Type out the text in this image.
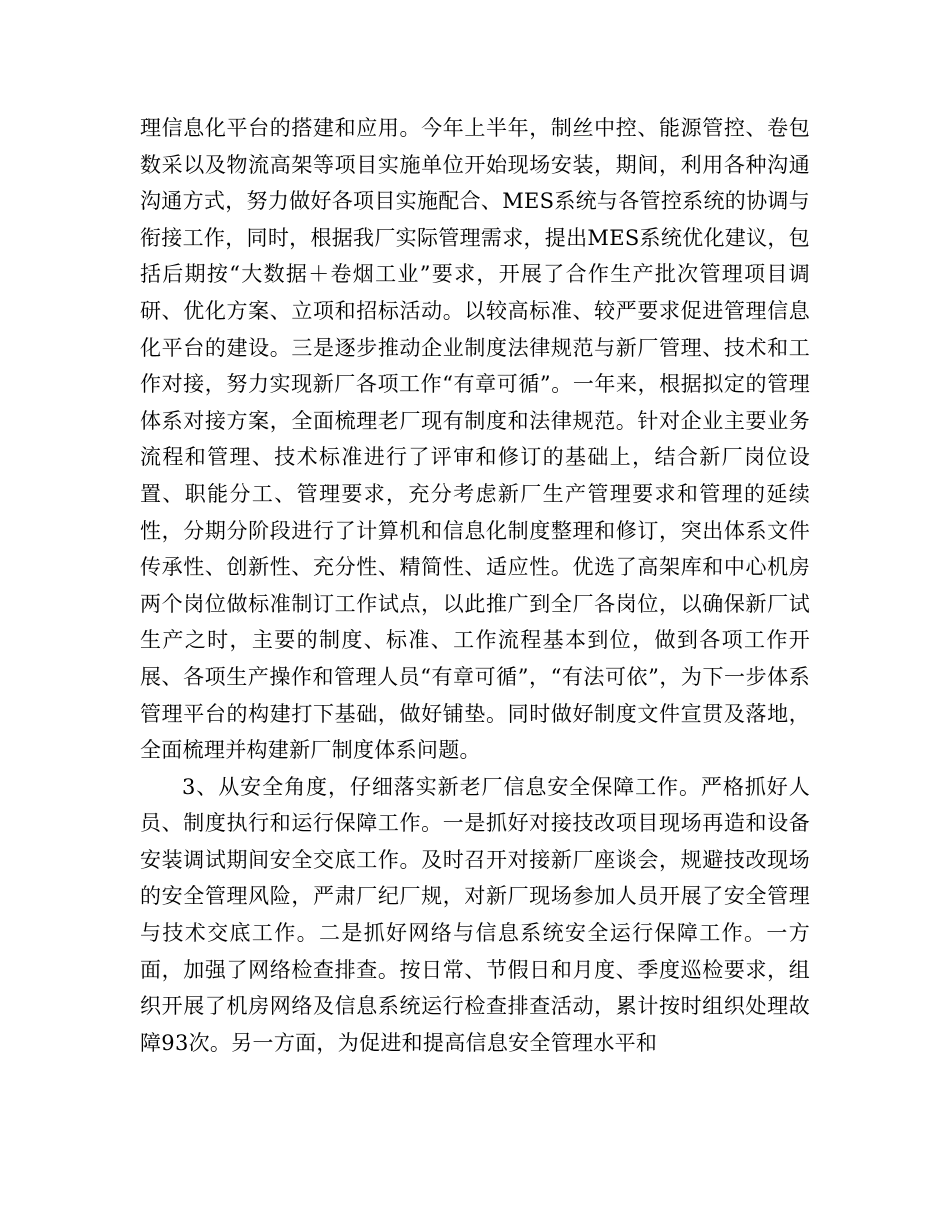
理信息化平台的搭建和应用。今年上半年，制丝中控、能源管控、卷包数采以及物流高架等项目实施单位开始现场安装，期间，利用各种沟通沟通方式，努力做好各项目实施配合、MES系统与各管控系统的协调与衔接工作，同时，根据我厂实际管理需求，提出MES系统优化建议，包括后期按“大数据＋卷烟工业”要求，开展了合作生产批次管理项目调研、优化方案、立项和招标活动。以较高标准、较严要求促进管理信息化平台的建设。三是逐步推动企业制度法律规范与新厂管理、技术和工作对接，努力实现新厂各项工作“有章可循”。一年来，根据拟定的管理体系对接方案，全面梳理老厂现有制度和法律规范。针对企业主要业务流程和管理、技术标准进行了评审和修订的基础上，结合新厂岗位设置、职能分工、管理要求，充分考虑新厂生产管理要求和管理的延续性，分期分阶段进行了计算机和信息化制度整理和修订，突出体系文件传承性、创新性、充分性、精简性、适应性。优选了高架库和中心机房两个岗位做标准制订工作试点，以此推广到全厂各岗位，以确保新厂试生产之时，主要的制度、标准、工作流程基本到位，做到各项工作开展、各项生产操作和管理人员“有章可循”，“有法可依”，为下一步体系管理平台的构建打下基础，做好铺垫。同时做好制度文件宣贯及落地，全面梳理并构建新厂制度体系问题。

3、从安全角度，仔细落实新老厂信息安全保障工作。严格抓好人员、制度执行和运行保障工作。一是抓好对接技改项目现场再造和设备安装调试期间安全交底工作。及时召开对接新厂座谈会，规避技改现场的安全管理风险，严肃厂纪厂规，对新厂现场参加人员开展了安全管理与技术交底工作。二是抓好网络与信息系统安全运行保障工作。一方面，加强了网络检查排查。按日常、节假日和月度、季度巡检要求，组织开展了机房网络及信息系统运行检查排查活动，累计按时组织处理故障93次。另一方面，为促进和提高信息安全管理水平和
